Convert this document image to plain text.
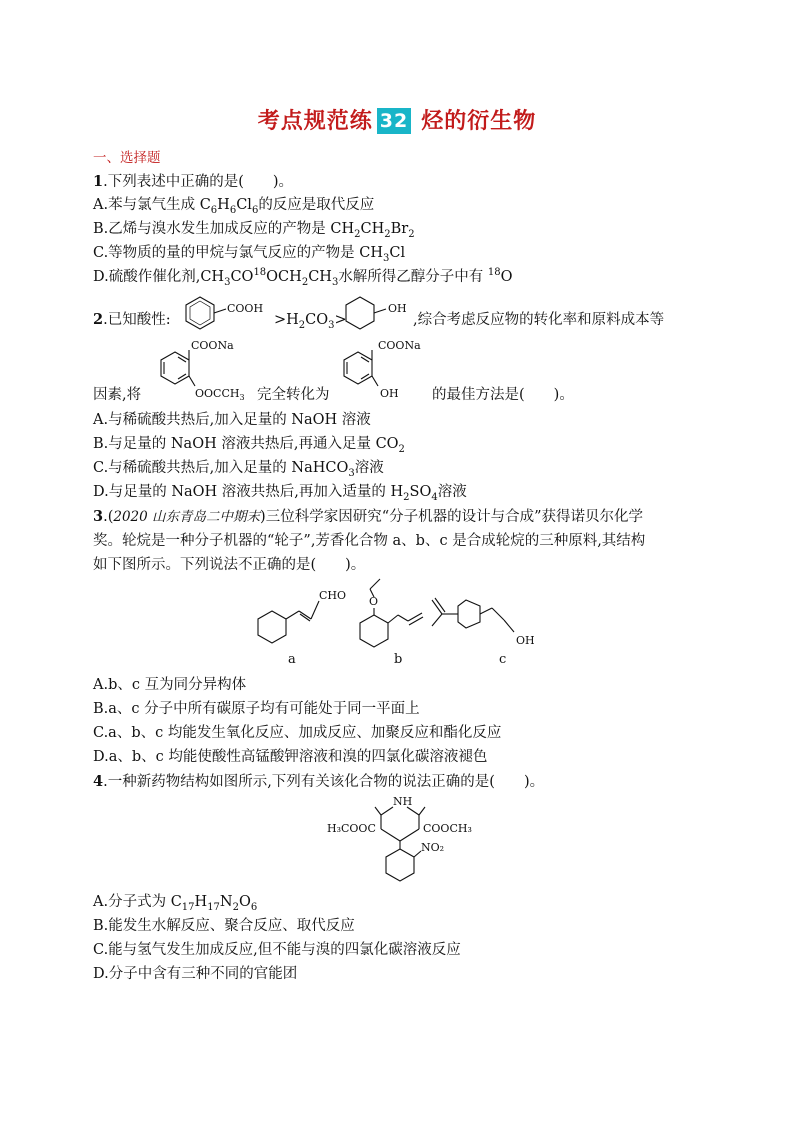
考点规范练 32 烃的衍生物
一、选择题
1.下列表述中正确的是(　　)。
A.苯与氯气生成 $C_6H_6Cl_6$的反应是取代反应
B.乙烯与溴水发生加成反应的产物是 $CH_2CH_2Br_2$
C.等物质的量的甲烷与氯气反应的产物是 $CH_3Cl$
D.硫酸作催化剂$,CH_3CO^{18}OCH_2CH_3$水解所得乙醇分子中有 $^{18}$O
2.已知酸性:
COOH
$>H_2CO_3>$
OH
,综合考虑反应物的转化率和原料成本等
COONa
$OOCCH_3$
COONa
OH
因素,将	完全转化为	的最佳方法是(　　)。
A.与稀硫酸共热后,加入足量的 NaOH 溶液
B.与足量的 NaOH 溶液共热后,再通入足量 $CO_2$
C.与稀硫酸共热后,加入足量的 NaHCO$_3$溶液
D.与足量的 NaOH 溶液共热后,再加入适量的 $H_2SO_4$溶液
3.(2020 山东青岛二中期末)三位科学家因研究“分子机器的设计与合成”获得诺贝尔化学
奖。轮烷是一种分子机器的“轮子”,芳香化合物 a、b、c 是合成轮烷的三种原料,其结构
如下图所示。下列说法不正确的是(　　)。
CHO O
OH
a	b	c
A.b、c 互为同分异构体
B.a、c 分子中所有碳原子均有可能处于同一平面上
C.a、b、c 均能发生氧化反应、加成反应、加聚反应和酯化反应
D.a、b、c 均能使酸性高锰酸钾溶液和溴的四氯化碳溶液褪色
4.一种新药物结构如图所示,下列有关该化合物的说法正确的是(　　)。
NH
H₃COOC	COOCH₃
NO₂
A.分子式为 $C_{17}H_{17}N_2O_6$
B.能发生水解反应、聚合反应、取代反应
C.能与氢气发生加成反应,但不能与溴的四氯化碳溶液反应
D.分子中含有三种不同的官能团
